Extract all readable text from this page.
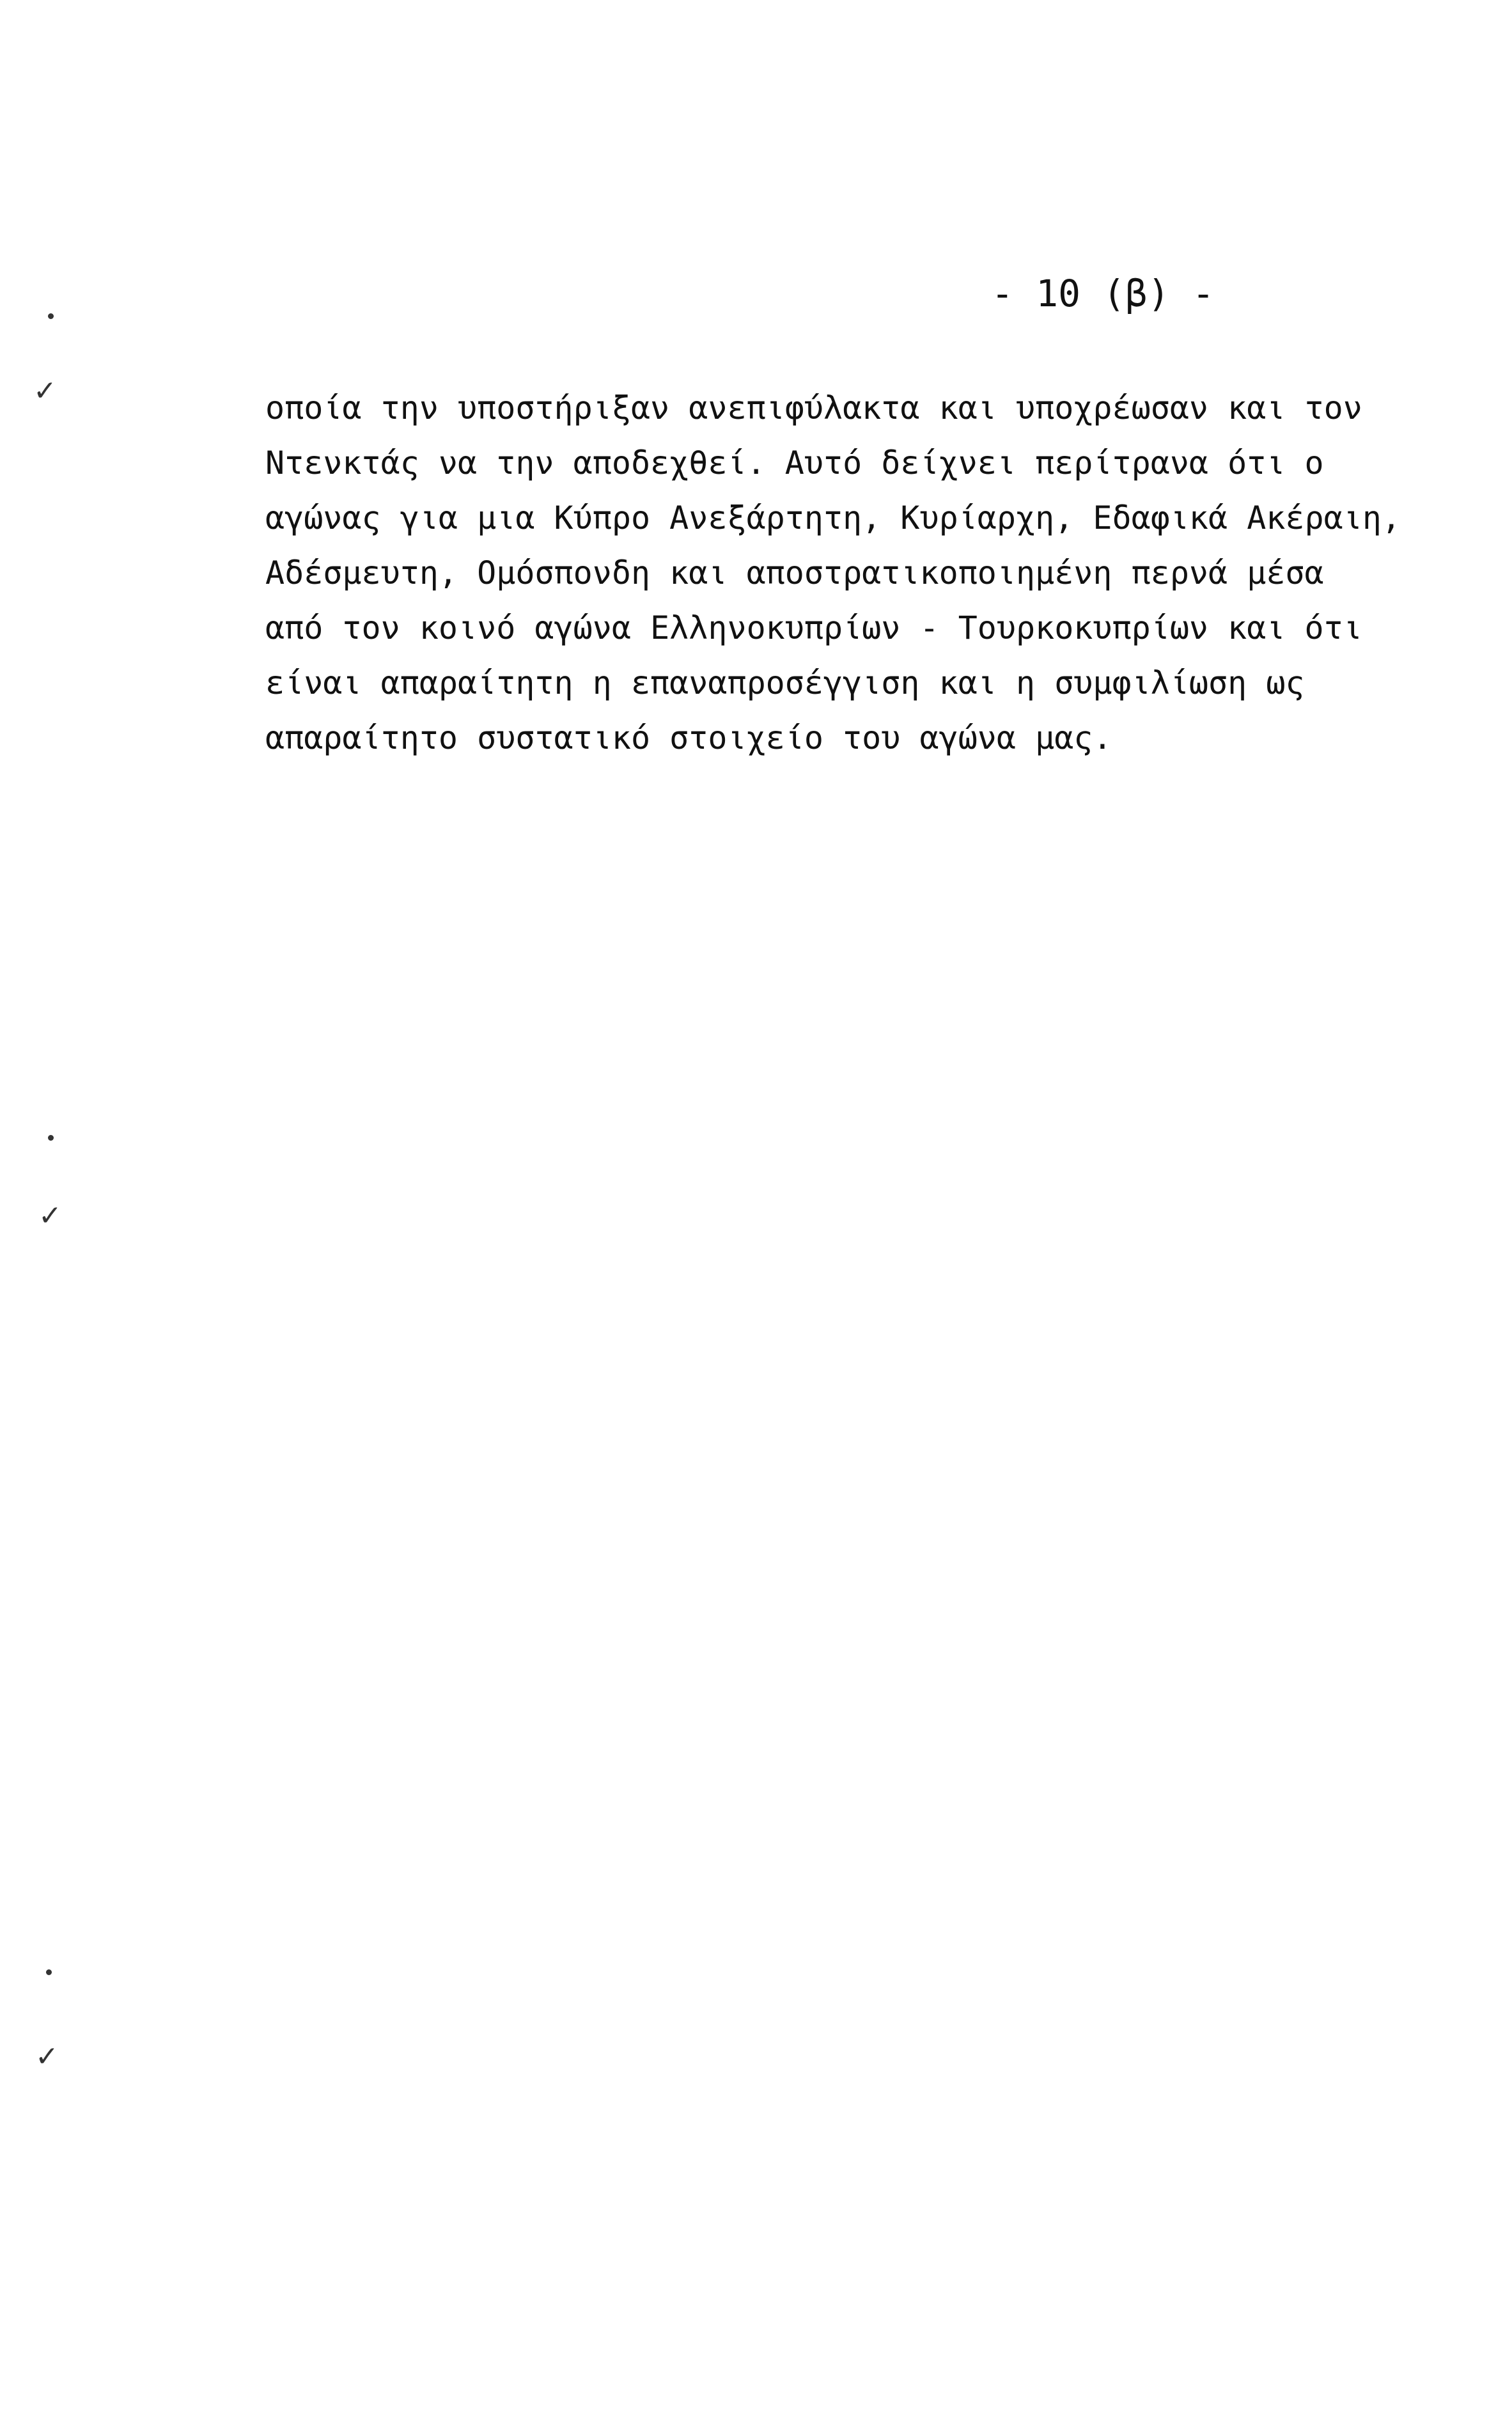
- 10 (β) -
οποία την υποστήριξαν ανεπιφύλακτα και υποχρέωσαν και τον
Ντενκτάς να την αποδεχθεί. Αυτό δείχνει περίτρανα ότι ο
αγώνας για μια Κύπρο Ανεξάρτητη, Κυρίαρχη, Εδαφικά Ακέραιη,
Αδέσμευτη, Ομόσπονδη και αποστρατικοποιημένη περνά μέσα
από τον κοινό αγώνα Ελληνοκυπρίων - Τουρκοκυπρίων και ότι
είναι απαραίτητη η επαναπροσέγγιση και η συμφιλίωση ως
απαραίτητο συστατικό στοιχείο του αγώνα μας.
✓
✓
✓
